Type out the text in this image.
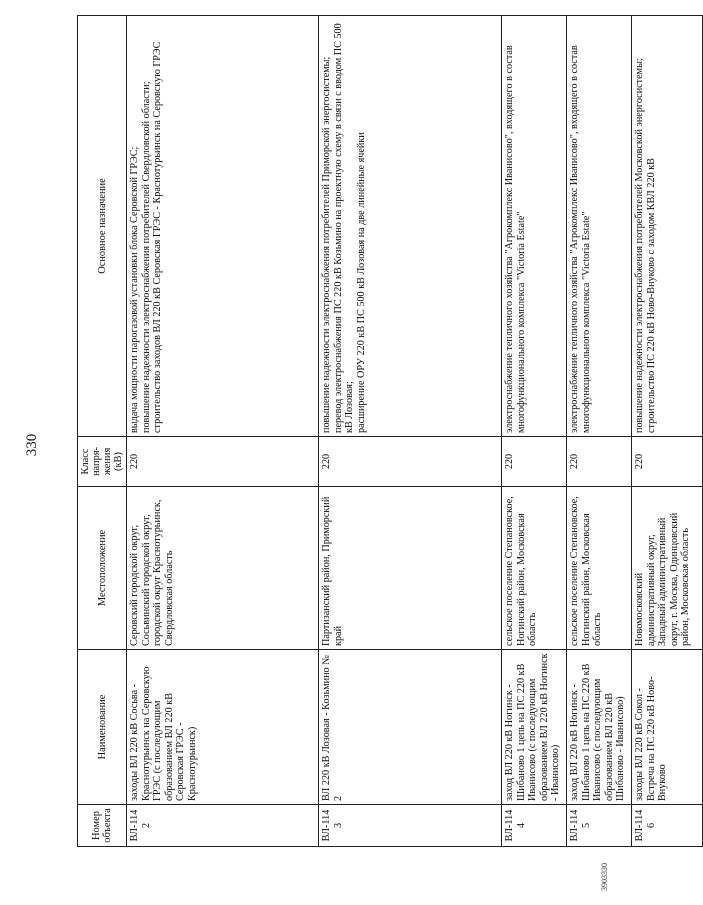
330
Номер объекта	Наименование	Местоположение	Класс напря-жения (кВ)	Основное назначение
ВЛ-1142	заходы ВЛ 220 кВ Сосьва - Краснотурьинск на Серовскую ГРЭС (с последующим образованием ВЛ 220 кВ Серовская ГРЭС - Краснотурьинск)	Серовский городской округ, Сосьвинский городской округ, городской округ Краснотурьинск, Свердловская область	220	выдача мощности парогазовой установки блока Серовской ГРЭС; повышение надежности электроснабжения потребителей Свердловской области; строительство заходов ВЛ 220 кВ Серовская ГРЭС - Краснотурьинск на Серовскую ГРЭС

ВЛ-1143	ВЛ 220 кВ Лозовая - Козьмино № 2	Партизанский район, Приморский край	220	повышение надежности электроснабжения потребителей Приморской энергосистемы; перевод электроснабжения ПС 220 кВ Козьмино на проектную схему в связи с вводом ПС 500 кВ Лозовая; расширение ОРУ 220 кВ ПС 500 кВ Лозовая на две линейные ячейки

ВЛ-1144	заход ВЛ 220 кВ Ногинск - Шибаново 1 цепь на ПС 220 кВ Иванисово (с последующим образованием ВЛ 220 кВ Ногинск - Иванисово)	сельское поселение Степановское, Ногинский район, Московская область	220	электроснабжение тепличного хозяйства "Агрокомплекс Иванисово", входящего в состав многофункционального комплекса "Victoria Estate"

ВЛ-1145	заход ВЛ 220 кВ Ногинск - Шибаново 1 цепь на ПС 220 кВ Иванисово (с последующим образованием ВЛ 220 кВ Шибаново - Иванисово)	сельское поселение Степановское, Ногинский район, Московская область	220	электроснабжение тепличного хозяйства "Агрокомплекс Иванисово", входящего в состав многофункционального комплекса "Victoria Estate"

ВЛ-1146	заходы ВЛ 220 кВ Сокол - Встреча на ПС 220 кВ Ново-Внуково	Новомосковский административный округ, Западный административный округ, г. Москва, Одинцовский район, Московская область	220	повышение надежности электроснабжения потребителей Московской энергосистемы; строительство ПС 220 кВ Ново-Внуково с заходом КВЛ 220 кВ
3903330
